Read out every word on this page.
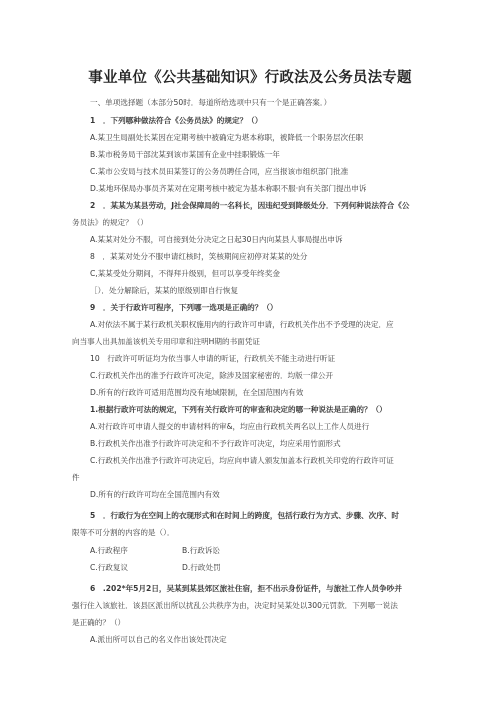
事业单位《公共基础知识》行政法及公务员法专题
一、单项选择题（本部分50时．每道所给选项中只有一个是正确答案．）
1　．下列哪种做法符合《公务员法》的规定？（）
A.某卫生局副处长某因在定期考核中被确定为堪本称职，被降低一个职务层次任职
B.某市税务局干部沈某到该市某国有企业中挂职锻炼一年
C.某市公安局与技术员田某签订的公务员聘任合同，应当报该市组织部门批准
D.某地环保局办事员齐某对在定期考核中被定为基本称职不服·向有关部门提出申诉
2　．某某为某县劳动，J社会保障局的一名科长，因违纪受到降级处分．下列何种说法符合《公
务员法》的规定？（）
A.某某对处分不服，可自接到处分决定之日起30日内向某县人事局提出申诉
8　．某某对处分不服申请红核时，笑核期间应初停对某某的处分
C,某某受处分期间，不得拜升级别，但可以享受年终奖金
［）．处分解除后，某某的原级别即自行恢复
9　．关于行政许可程序，下列哪一选项是正确的？（）
A.对依法不属于某行政机关职权施用内的行政许可申请，行政机关作出不予受理的决定．应
向当事人出具加盖该机关专用印章和注明H期的书面凭证
10　行政许可听证均为依当事人申请的听证，行政机关不能主动进行听证
C.行政机关作出的准予行政许可决定，除涉及国家秘密的．均版一律公开
D.所有的行政许可适用范围均没有地域限制，在全国范围内有效
1.根据行政许可法的规定，下列有关行政许可的审查和决定的哪一种说法是正确的？（）
A.对行政许可申请人提交的申请材料的审&，均应由行政机关两名以上工作人员进行
B.行政机关作出准予行政许可决定和不予行政许可决定，均应采用竹面形式
C.行政机关作出准予行政许可决定后，均应向申请人颁发加盖本行政机关印党的行政许可证
件
D.所有的行政许可均在全国范围内有效
5　．行政行为在空间上的衣现形式和在时间上的跨度，包括行政行为方式、步骤、次序、时
限等不可分割的内容的是（）．
A.行政程序	B.行政诉讼
C.行政复议	D.行政处罚
6　.202*年5月2日，吴某到某县郊区旅社住宿，拒不出示身份证件，与旅社工作人员争吵并
强行住入该旅社．该县区派出所以扰乱公共秩序为由，决定时吴某处以300元罚款．下列哪一说法
是正确的？（）
A.派出所可以自己的名义作出该处罚决定
